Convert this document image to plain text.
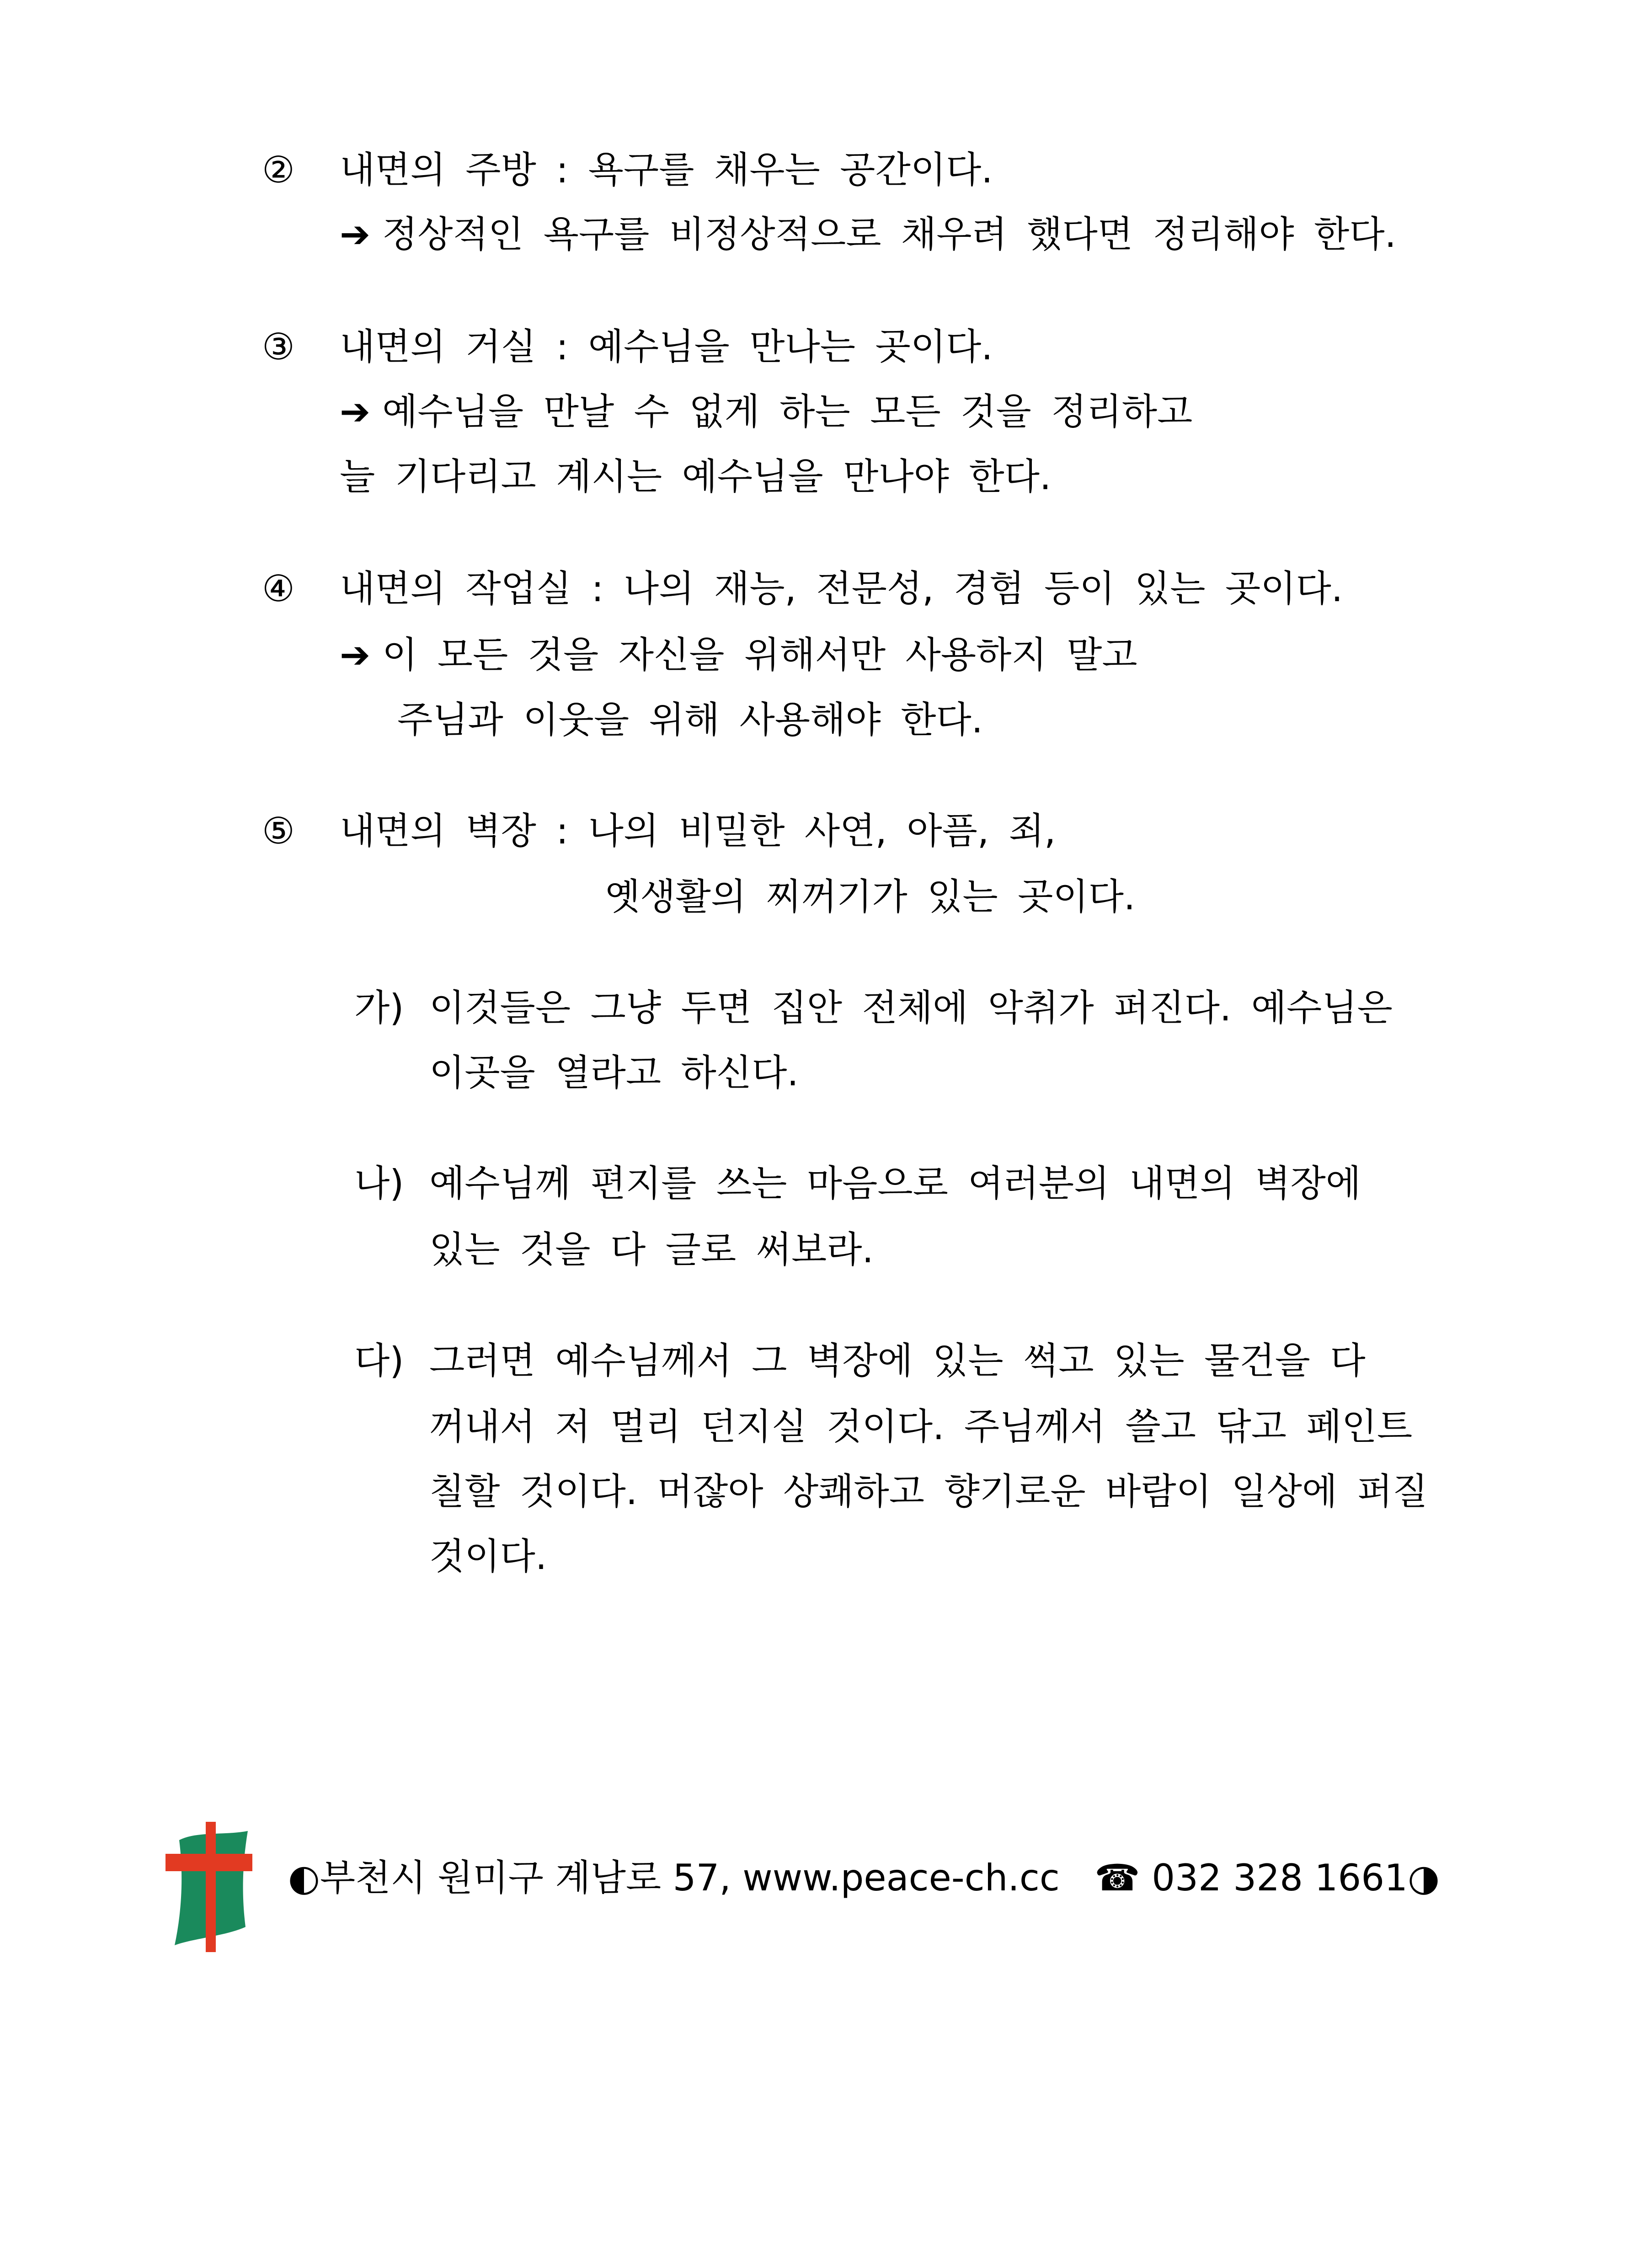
② 내면의 주방 : 욕구를 채우는 공간이다.
➔ 정상적인 욕구를 비정상적으로 채우려 했다면 정리해야 한다.
③ 내면의 거실 : 예수님을 만나는 곳이다.
➔ 예수님을 만날 수 없게 하는 모든 것을 정리하고
늘 기다리고 계시는 예수님을 만나야 한다.
④ 내면의 작업실 : 나의 재능, 전문성, 경험 등이 있는 곳이다.
➔ 이 모든 것을 자신을 위해서만 사용하지 말고
주님과 이웃을 위해 사용해야 한다.
⑤ 내면의 벽장 : 나의 비밀한 사연, 아픔, 죄,
옛생활의 찌꺼기가 있는 곳이다.
가) 이것들은 그냥 두면 집안 전체에 악취가 퍼진다. 예수님은
이곳을 열라고 하신다.
나) 예수님께 편지를 쓰는 마음으로 여러분의 내면의 벽장에
있는 것을 다 글로 써보라.
다) 그러면 예수님께서 그 벽장에 있는 썩고 있는 물건을 다
꺼내서 저 멀리 던지실 것이다. 주님께서 쓸고 닦고 페인트
칠할 것이다. 머잖아 상쾌하고 향기로운 바람이 일상에 퍼질
것이다.
◐부천시 원미구 계남로 57, www.peace-ch.cc ☎ 032 328 1661◑
